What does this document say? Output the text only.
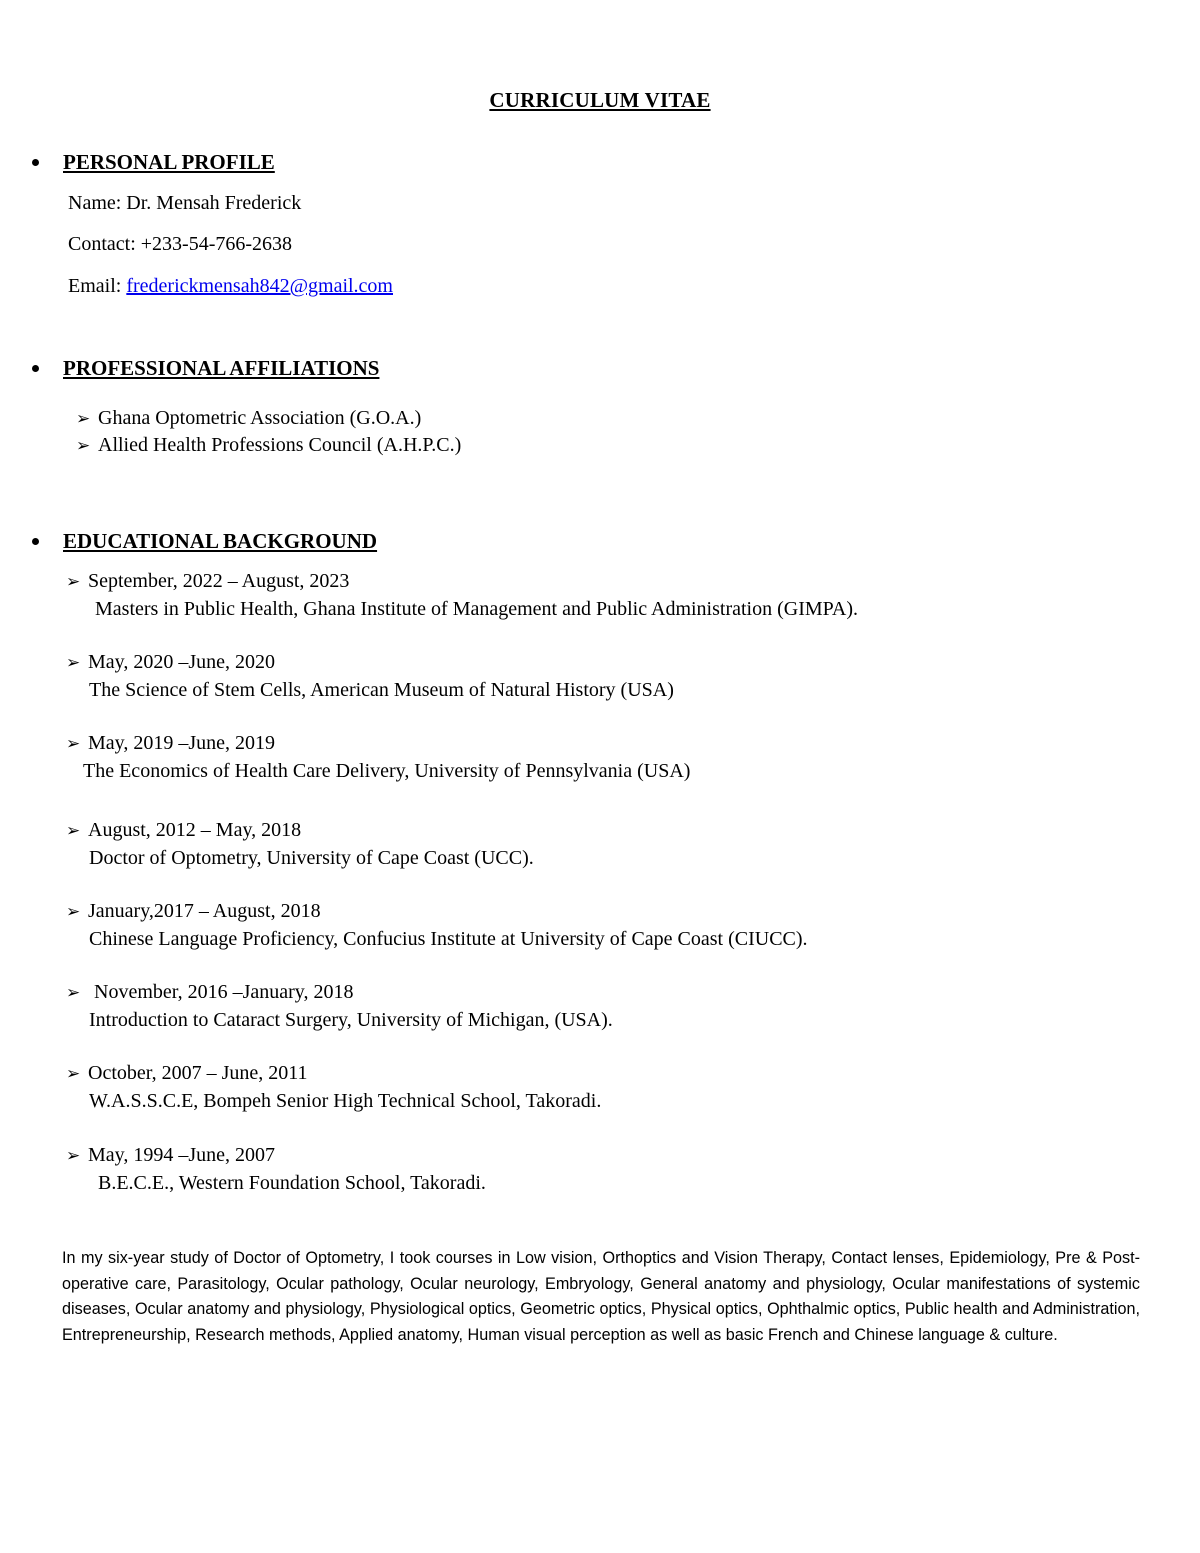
CURRICULUM VITAE
PERSONAL PROFILE
Name: Dr. Mensah Frederick
Contact: +233-54-766-2638
Email: frederickmensah842@gmail.com
PROFESSIONAL AFFILIATIONS
➢ Ghana Optometric Association (G.O.A.)
➢ Allied Health Professions Council (A.H.P.C.)
EDUCATIONAL BACKGROUND
➢ September, 2022 – August, 2023
Masters in Public Health, Ghana Institute of Management and Public Administration (GIMPA).
➢ May, 2020 –June, 2020
The Science of Stem Cells, American Museum of Natural History (USA)
➢ May, 2019 –June, 2019
The Economics of Health Care Delivery, University of Pennsylvania (USA)
➢ August, 2012 – May, 2018
Doctor of Optometry, University of Cape Coast (UCC).
➢ January,2017 – August, 2018
Chinese Language Proficiency, Confucius Institute at University of Cape Coast (CIUCC).
➢ November, 2016 –January, 2018
Introduction to Cataract Surgery, University of Michigan, (USA).
➢ October, 2007 – June, 2011
W.A.S.S.C.E, Bompeh Senior High Technical School, Takoradi.
➢ May, 1994 –June, 2007
B.E.C.E., Western Foundation School, Takoradi.
In my six-year study of Doctor of Optometry, I took courses in Low vision, Orthoptics and Vision Therapy, Contact lenses, Epidemiology, Pre & Post-operative care, Parasitology, Ocular pathology, Ocular neurology, Embryology, General anatomy and physiology, Ocular manifestations of systemic diseases, Ocular anatomy and physiology, Physiological optics, Geometric optics, Physical optics, Ophthalmic optics, Public health and Administration, Entrepreneurship, Research methods, Applied anatomy, Human visual perception as well as basic French and Chinese language & culture.
